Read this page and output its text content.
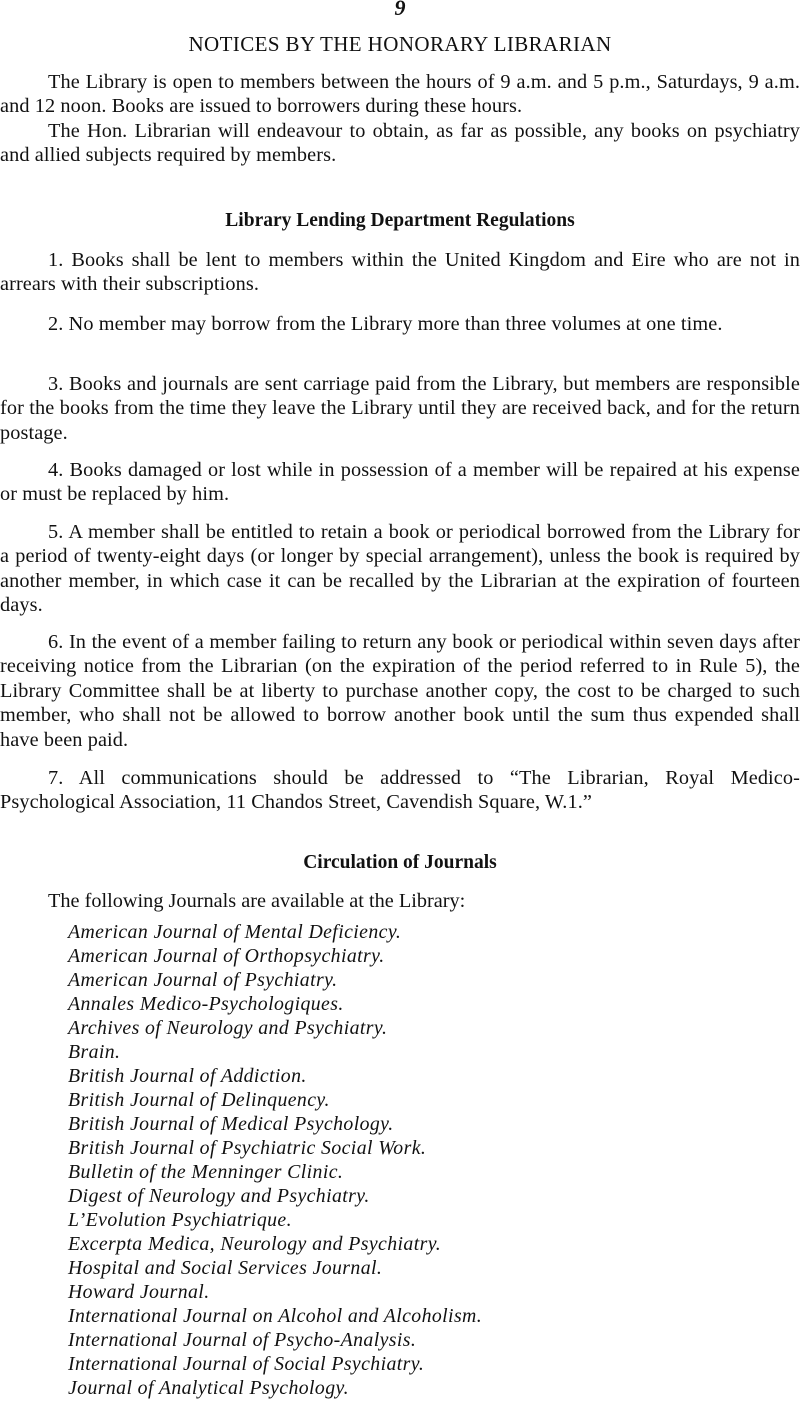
9
NOTICES BY THE HONORARY LIBRARIAN

The Library is open to members between the hours of 9 a.m. and 5 p.m., Saturdays, 9 a.m. and 12 noon. Books are issued to borrowers during these hours.

The Hon. Librarian will endeavour to obtain, as far as possible, any books on psychiatry and allied subjects required by members.

Library Lending Department Regulations

1. Books shall be lent to members within the United Kingdom and Eire who are not in arrears with their subscriptions.

2. No member may borrow from the Library more than three volumes at one time.

3. Books and journals are sent carriage paid from the Library, but members are responsible for the books from the time they leave the Library until they are received back, and for the return postage.

4. Books damaged or lost while in possession of a member will be repaired at his expense or must be replaced by him.

5. A member shall be entitled to retain a book or periodical borrowed from the Library for a period of twenty-eight days (or longer by special arrangement), unless the book is required by another member, in which case it can be recalled by the Librarian at the expiration of fourteen days.

6. In the event of a member failing to return any book or periodical within seven days after receiving notice from the Librarian (on the expiration of the period referred to in Rule 5), the Library Committee shall be at liberty to purchase another copy, the cost to be charged to such member, who shall not be allowed to borrow another book until the sum thus expended shall have been paid.

7. All communications should be addressed to “The Librarian, Royal Medico-Psychological Association, 11 Chandos Street, Cavendish Square, W.1.”

Circulation of Journals
The following Journals are available at the Library:
American Journal of Mental Deficiency.
American Journal of Orthopsychiatry.
American Journal of Psychiatry.
Annales Medico-Psychologiques.
Archives of Neurology and Psychiatry.
Brain.
British Journal of Addiction.
British Journal of Delinquency.
British Journal of Medical Psychology.
British Journal of Psychiatric Social Work.
Bulletin of the Menninger Clinic.
Digest of Neurology and Psychiatry.
L’Evolution Psychiatrique.
Excerpta Medica, Neurology and Psychiatry.
Hospital and Social Services Journal.
Howard Journal.
International Journal on Alcohol and Alcoholism.
International Journal of Psycho-Analysis.
International Journal of Social Psychiatry.
Journal of Analytical Psychology.
